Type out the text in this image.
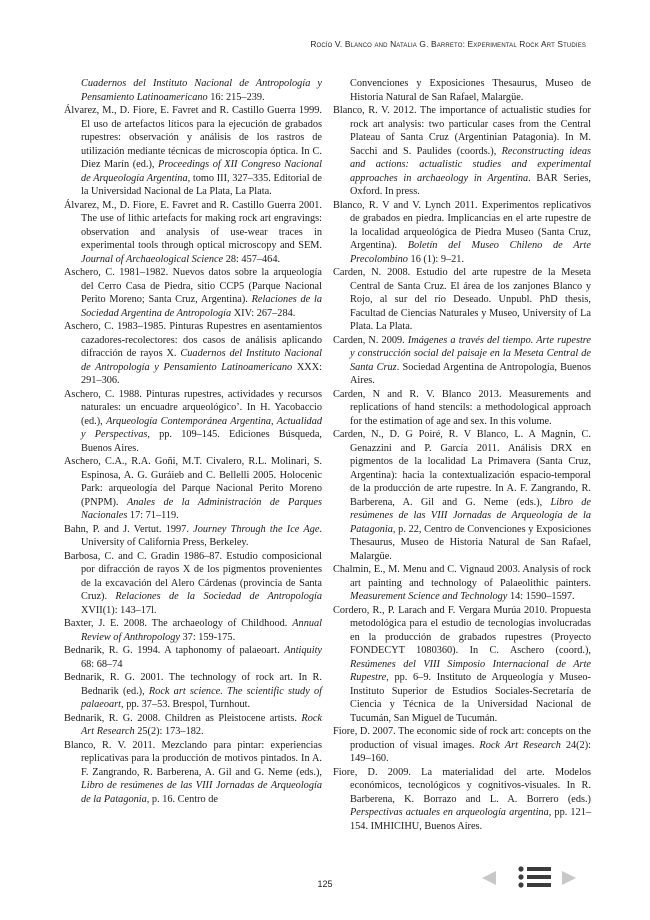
Rocío V. Blanco and Natalia G. Barreto: Experimental Rock Art Studies

Cuadernos del Instituto Nacional de Antropología y Pensamiento Latinoamericano 16: 215–239.

Álvarez, M., D. Fiore, E. Favret and R. Castillo Guerra 1999. El uso de artefactos líticos para la ejecución de grabados rupestres: observación y análisis de los rastros de utilización mediante técnicas de microscopía óptica. In C. Diez Marín (ed.), Proceedings of XII Congreso Nacional de Arqueología Argentina, tomo III, 327–335. Editorial de la Universidad Nacional de La Plata, La Plata.

Álvarez, M., D. Fiore, E. Favret and R. Castillo Guerra 2001. The use of lithic artefacts for making rock art engravings: observation and analysis of use-wear traces in experimental tools through optical microscopy and SEM. Journal of Archaeological Science 28: 457–464.

Aschero, C. 1981–1982. Nuevos datos sobre la arqueología del Cerro Casa de Piedra, sitio CCP5 (Parque Nacional Perito Moreno; Santa Cruz, Argentina). Relaciones de la Sociedad Argentina de Antropología XIV: 267–284.

Aschero, C. 1983–1985. Pinturas Rupestres en asentamientos cazadores-recolectores: dos casos de análisis aplicando difracción de rayos X. Cuadernos del Instituto Nacional de Antropología y Pensamiento Latinoamericano XXX: 291–306.

Aschero, C. 1988. Pinturas rupestres, actividades y recursos naturales: un encuadre arqueológico’. In H. Yacobaccio (ed.), Arqueología Contemporánea Argentina, Actualidad y Perspectivas, pp. 109–145. Ediciones Búsqueda, Buenos Aires.

Aschero, C.A., R.A. Goñi, M.T. Civalero, R.L. Molinari, S. Espinosa, A. G. Guráieb and C. Bellelli 2005. Holocenic Park: arqueología del Parque Nacional Perito Moreno (PNPM). Anales de la Administración de Parques Nacionales 17: 71–119.

Bahn, P. and J. Vertut. 1997. Journey Through the Ice Age. University of California Press, Berkeley.

Barbosa, C. and C. Gradin 1986–87. Estudio composicional por difracción de rayos X de los pigmentos provenientes de la excavación del Alero Cárdenas (provincia de Santa Cruz). Relaciones de la Sociedad de Antropología XVII(1): 143–17l.

Baxter, J. E. 2008. The archaeology of Childhood. Annual Review of Anthropology 37: 159-175.

Bednarik, R. G. 1994. A taphonomy of palaeoart. Antiquity 68: 68–74

Bednarik, R. G. 2001. The technology of rock art. In R. Bednarik (ed.), Rock art science. The scientific study of palaeoart, pp. 37–53. Brespol, Turnhout.

Bednarik, R. G. 2008. Children as Pleistocene artists. Rock Art Research 25(2): 173–182.

Blanco, R. V. 2011. Mezclando para pintar: experiencias replicativas para la producción de motivos pintados. In A. F. Zangrando, R. Barberena, A. Gil and G. Neme (eds.), Libro de resúmenes de las VIII Jornadas de Arqueología de la Patagonia, p. 16. Centro de

Convenciones y Exposiciones Thesaurus, Museo de Historia Natural de San Rafael, Malargüe.

Blanco, R. V. 2012. The importance of actualistic studies for rock art analysis: two particular cases from the Central Plateau of Santa Cruz (Argentinian Patagonia). In M. Sacchi and S. Paulides (coords.), Reconstructing ideas and actions: actualistic studies and experimental approaches in archaeology in Argentina. BAR Series, Oxford. In press.

Blanco, R. V and V. Lynch 2011. Experimentos replicativos de grabados en piedra. Implicancias en el arte rupestre de la localidad arqueológica de Piedra Museo (Santa Cruz, Argentina). Boletín del Museo Chileno de Arte Precolombino 16 (1): 9–21.

Carden, N. 2008. Estudio del arte rupestre de la Meseta Central de Santa Cruz. El área de los zanjones Blanco y Rojo, al sur del río Deseado. Unpubl. PhD thesis, Facultad de Ciencias Naturales y Museo, University of La Plata. La Plata.

Carden, N. 2009. Imágenes a través del tiempo. Arte rupestre y construcción social del paisaje en la Meseta Central de Santa Cruz. Sociedad Argentina de Antropología, Buenos Aires.

Carden, N and R. V. Blanco 2013. Measurements and replications of hand stencils: a methodological approach for the estimation of age and sex. In this volume.

Carden, N., D. G Poiré, R. V Blanco, L. A Magnin, C. Genazzini and P. García 2011. Análisis DRX en pigmentos de la localidad La Primavera (Santa Cruz, Argentina): hacia la contextualización espacio-temporal de la producción de arte rupestre. In A. F. Zangrando, R. Barberena, A. Gil and G. Neme (eds.), Libro de resúmenes de las VIII Jornadas de Arqueología de la Patagonia, p. 22, Centro de Convenciones y Exposiciones Thesaurus, Museo de Historia Natural de San Rafael, Malargüe.

Chalmin, E., M. Menu and C. Vignaud 2003. Analysis of rock art painting and technology of Palaeolithic painters. Measurement Science and Technology 14: 1590–1597.

Cordero, R., P. Larach and F. Vergara Murúa 2010. Propuesta metodológica para el estudio de tecnologías involucradas en la producción de grabados rupestres (Proyecto FONDECYT 1080360). In C. Aschero (coord.), Resúmenes del VIII Simposio Internacional de Arte Rupestre, pp. 6–9. Instituto de Arqueología y Museo- Instituto Superior de Estudios Sociales-Secretaría de Ciencia y Técnica de la Universidad Nacional de Tucumán, San Miguel de Tucumán.

Fiore, D. 2007. The economic side of rock art: concepts on the production of visual images. Rock Art Research 24(2): 149–160.

Fiore, D. 2009. La materialidad del arte. Modelos económicos, tecnológicos y cognitivos-visuales. In R. Barberena, K. Borrazo and L. A. Borrero (eds.) Perspectivas actuales en arqueología argentina, pp. 121–154. IMHICIHU, Buenos Aires.

125
